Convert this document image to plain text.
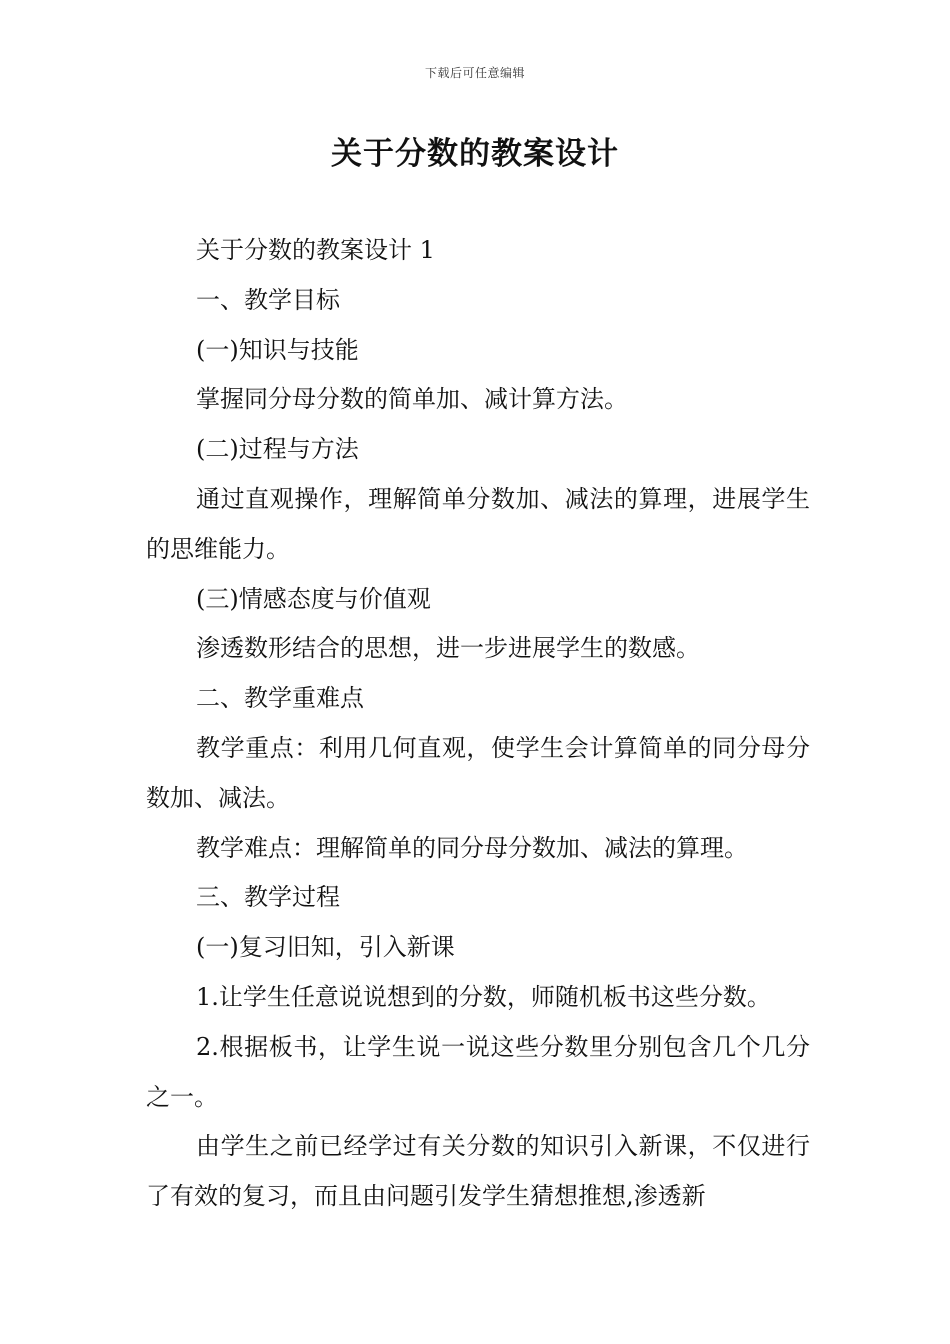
下载后可任意编辑
关于分数的教案设计

关于分数的教案设计 1

一、教学目标

(一)知识与技能

掌握同分母分数的简单加、减计算方法。

(二)过程与方法

通过直观操作，理解简单分数加、减法的算理，进展学生的思维能力。

(三)情感态度与价值观

渗透数形结合的思想，进一步进展学生的数感。

二、教学重难点

教学重点：利用几何直观，使学生会计算简单的同分母分数加、减法。

教学难点：理解简单的同分母分数加、减法的算理。

三、教学过程

(一)复习旧知，引入新课

1.让学生任意说说想到的分数，师随机板书这些分数。

2.根据板书，让学生说一说这些分数里分别包含几个几分之一。

由学生之前已经学过有关分数的知识引入新课，不仅进行了有效的复习，而且由问题引发学生猜想推想,渗透新
